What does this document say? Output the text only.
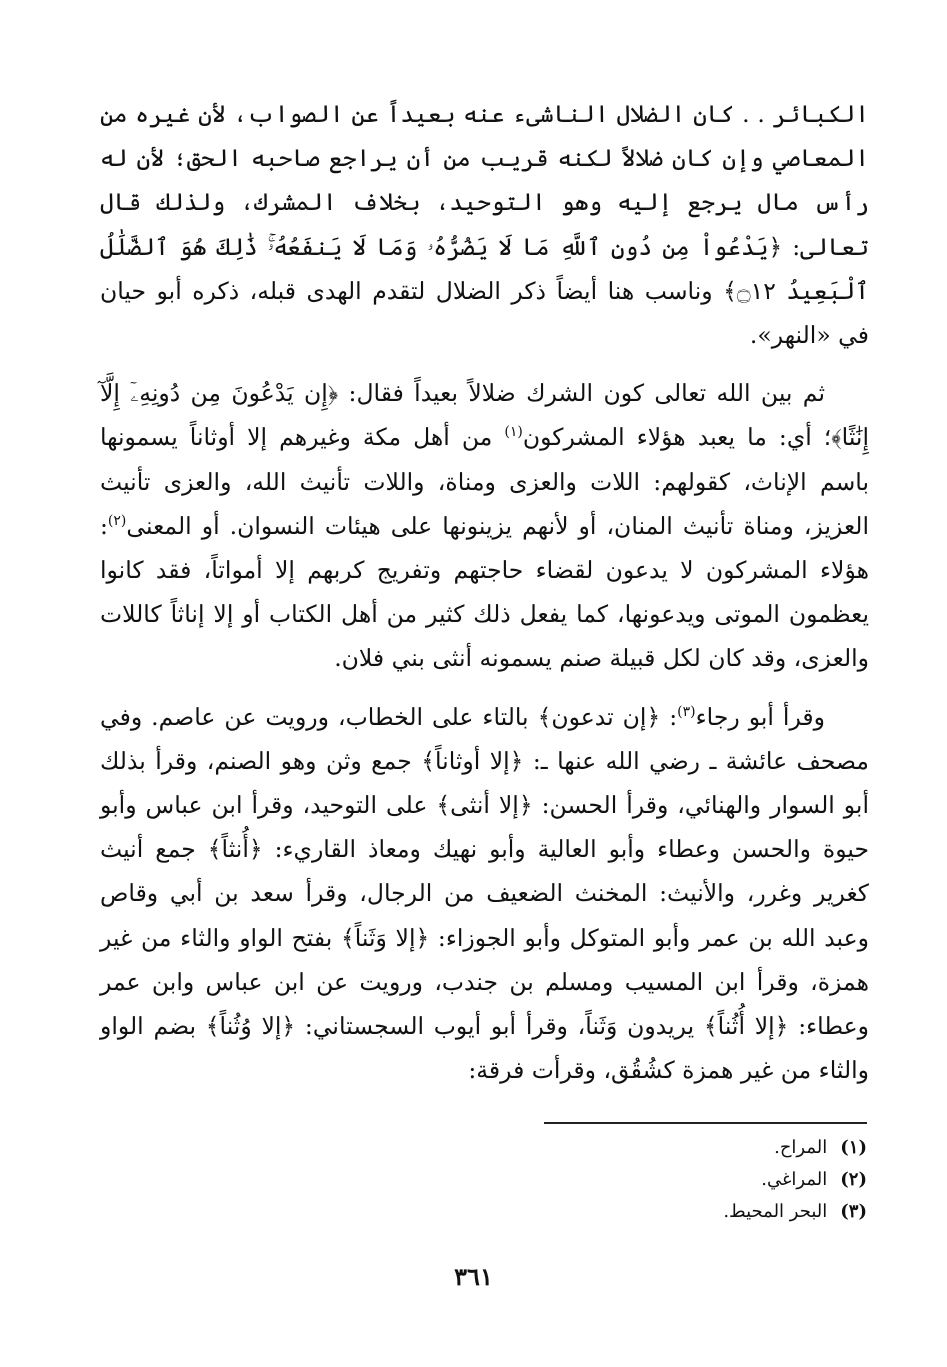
الكبائر . . كان الضلال الناشىء عنه بعيداً عن الصواب، لأن غيره من المعاصي وإن كان ضلالاً لكنه قريب من أن يراجع صاحبه الحق؛ لأن له رأس مال يرجع إليه وهو التوحيد، بخلاف المشرك، ولذلك قال تعالى: ﴿يَدْعُواْ مِن دُونِ ٱللَّهِ مَا لَا يَضُرُّهُۥ وَمَا لَا يَنفَعُهُۥۚ ذَٰلِكَ هُوَ ٱلضَّلَٰلُ ٱلْبَعِيدُ ۝١٢﴾ وناسب هنا أيضاً ذكر الضلال لتقدم الهدى قبله، ذكره أبو حيان في «النهر».

ثم بين الله تعالى كون الشرك ضلالاً بعيداً فقال: ﴿إِن يَدْعُونَ مِن دُونِهِۦٓ إِلَّآ إِنَٰثًا﴾؛ أي: ما يعبد هؤلاء المشركون$^{(١)}$ من أهل مكة وغيرهم إلا أوثاناً يسمونها باسم الإناث، كقولهم: اللات والعزى ومناة، واللات تأنيث الله، والعزى تأنيث العزيز، ومناة تأنيث المنان، أو لأنهم يزينونها على هيئات النسوان. أو المعنى$^{(٢)}$: هؤلاء المشركون لا يدعون لقضاء حاجتهم وتفريج كربهم إلا أمواتاً، فقد كانوا يعظمون الموتى ويدعونها، كما يفعل ذلك كثير من أهل الكتاب أو إلا إناثاً كاللات والعزى، وقد كان لكل قبيلة صنم يسمونه أنثى بني فلان.

وقرأ أبو رجاء$^{(٣)}$: ﴿إن تدعون﴾ بالتاء على الخطاب، ورويت عن عاصم. وفي مصحف عائشة ـ رضي الله عنها ـ: ﴿إلا أوثاناً﴾ جمع وثن وهو الصنم، وقرأ بذلك أبو السوار والهنائي، وقرأ الحسن: ﴿إلا أنثى﴾ على التوحيد، وقرأ ابن عباس وأبو حيوة والحسن وعطاء وأبو العالية وأبو نهيك ومعاذ القاريء: ﴿أُنثاً﴾ جمع أنيث كغرير وغرر، والأنيث: المخنث الضعيف من الرجال، وقرأ سعد بن أبي وقاص وعبد الله بن عمر وأبو المتوكل وأبو الجوزاء: ﴿إلا وَثَناً﴾ بفتح الواو والثاء من غير همزة، وقرأ ابن المسيب ومسلم بن جندب، ورويت عن ابن عباس وابن عمر وعطاء: ﴿إلا أُثُناً﴾ يريدون وَثَناً، وقرأ أبو أيوب السجستاني: ﴿إلا وُثُناً﴾ بضم الواو والثاء من غير همزة كشُقُق، وقرأت فرقة:

(١) المراح.

(٢) المراغي.

(٣) البحر المحيط.

٣٦١
